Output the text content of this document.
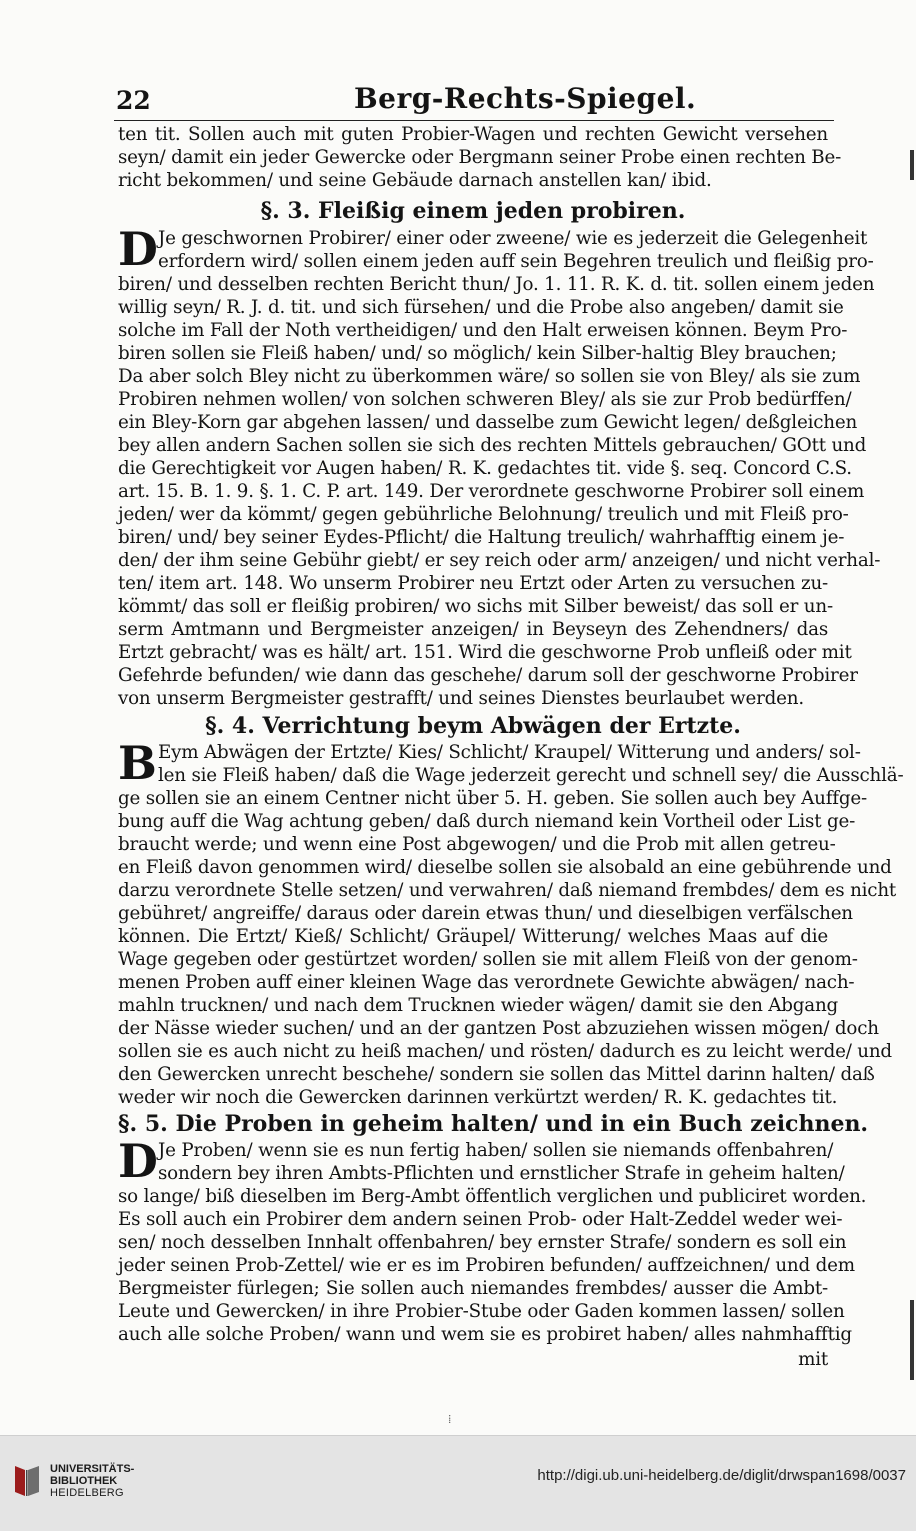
22	Berg-Rechts-Spiegel.
ten tit. Sollen auch mit guten Probier-Wagen und rechten Gewicht versehen
seyn/ damit ein jeder Gewercke oder Bergmann seiner Probe einen rechten Be-
richt bekommen/ und seine Gebäude darnach anstellen kan/ ibid.
§. 3. Fleißig einem jeden probiren.
D Je geschwornen Probirer/ einer oder zweene/ wie es jederzeit die Gelegenheit
erfordern wird/ sollen einem jeden auff sein Begehren treulich und fleißig pro-
biren/ und desselben rechten Bericht thun/ Jo. 1. 11. R. K. d. tit. sollen einem jeden
willig seyn/ R. J. d. tit. und sich fürsehen/ und die Probe also angeben/ damit sie
solche im Fall der Noth vertheidigen/ und den Halt erweisen können. Beym Pro-
biren sollen sie Fleiß haben/ und/ so möglich/ kein Silber-haltig Bley brauchen;
Da aber solch Bley nicht zu überkommen wäre/ so sollen sie von Bley/ als sie zum
Probiren nehmen wollen/ von solchen schweren Bley/ als sie zur Prob bedürffen/
ein Bley-Korn gar abgehen lassen/ und dasselbe zum Gewicht legen/ deßgleichen
bey allen andern Sachen sollen sie sich des rechten Mittels gebrauchen/ GOtt und
die Gerechtigkeit vor Augen haben/ R. K. gedachtes tit. vide §. seq. Concord C.S.
art. 15. B. 1. 9. §. 1. C. P. art. 149. Der verordnete geschworne Probirer soll einem
jeden/ wer da kömmt/ gegen gebührliche Belohnung/ treulich und mit Fleiß pro-
biren/ und/ bey seiner Eydes-Pflicht/ die Haltung treulich/ wahrhafftig einem je-
den/ der ihm seine Gebühr giebt/ er sey reich oder arm/ anzeigen/ und nicht verhal-
ten/ item art. 148. Wo unserm Probirer neu Ertzt oder Arten zu versuchen zu-
kömmt/ das soll er fleißig probiren/ wo sichs mit Silber beweist/ das soll er un-
serm Amtmann und Bergmeister anzeigen/ in Beyseyn des Zehendners/ das
Ertzt gebracht/ was es hält/ art. 151. Wird die geschworne Prob unfleiß oder mit
Gefehrde befunden/ wie dann das geschehe/ darum soll der geschworne Probirer
von unserm Bergmeister gestrafft/ und seines Dienstes beurlaubet werden.
§. 4. Verrichtung beym Abwägen der Ertzte.
B Eym Abwägen der Ertzte/ Kies/ Schlicht/ Kraupel/ Witterung und anders/ sol-
len sie Fleiß haben/ daß die Wage jederzeit gerecht und schnell sey/ die Ausschlä-
ge sollen sie an einem Centner nicht über 5. H. geben. Sie sollen auch bey Auffge-
bung auff die Wag achtung geben/ daß durch niemand kein Vortheil oder List ge-
braucht werde; und wenn eine Post abgewogen/ und die Prob mit allen getreu-
en Fleiß davon genommen wird/ dieselbe sollen sie alsobald an eine gebührende und
darzu verordnete Stelle setzen/ und verwahren/ daß niemand frembdes/ dem es nicht
gebühret/ angreiffe/ daraus oder darein etwas thun/ und dieselbigen verfälschen
können. Die Ertzt/ Kieß/ Schlicht/ Gräupel/ Witterung/ welches Maas auf die
Wage gegeben oder gestürtzet worden/ sollen sie mit allem Fleiß von der genom-
menen Proben auff einer kleinen Wage das verordnete Gewichte abwägen/ nach-
mahln trucknen/ und nach dem Trucknen wieder wägen/ damit sie den Abgang
der Nässe wieder suchen/ und an der gantzen Post abzuziehen wissen mögen/ doch
sollen sie es auch nicht zu heiß machen/ und rösten/ dadurch es zu leicht werde/ und
den Gewercken unrecht beschehe/ sondern sie sollen das Mittel darinn halten/ daß
weder wir noch die Gewercken darinnen verkürtzt werden/ R. K. gedachtes tit.
§. 5. Die Proben in geheim halten/ und in ein Buch zeichnen.
D Je Proben/ wenn sie es nun fertig haben/ sollen sie niemands offenbahren/
sondern bey ihren Ambts-Pflichten und ernstlicher Strafe in geheim halten/
so lange/ biß dieselben im Berg-Ambt öffentlich verglichen und publiciret worden.
Es soll auch ein Probirer dem andern seinen Prob- oder Halt-Zeddel weder wei-
sen/ noch desselben Innhalt offenbahren/ bey ernster Strafe/ sondern es soll ein
jeder seinen Prob-Zettel/ wie er es im Probiren befunden/ auffzeichnen/ und dem
Bergmeister fürlegen; Sie sollen auch niemandes frembdes/ ausser die Ambt-
Leute und Gewercken/ in ihre Probier-Stube oder Gaden kommen lassen/ sollen
auch alle solche Proben/ wann und wem sie es probiret haben/ alles nahmhafftig
mit
⁞
UNIVERSITÄTS-
BIBLIOTHEK
HEIDELBERG
http://digi.ub.uni-heidelberg.de/diglit/drwspan1698/0037
